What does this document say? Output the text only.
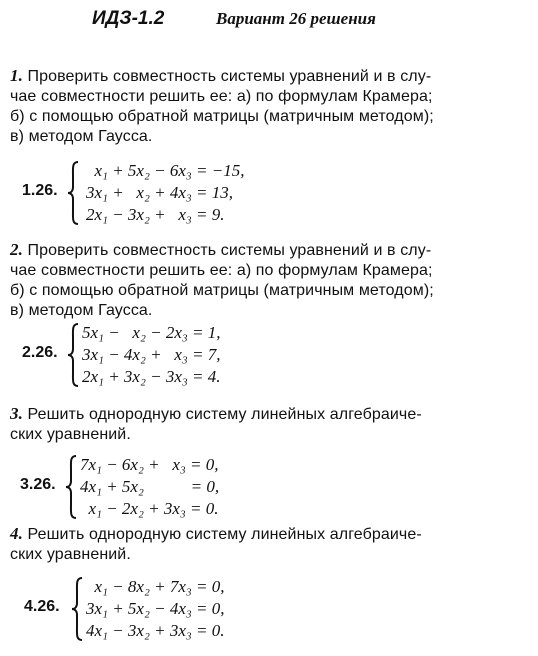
ИДЗ-1.2	Вариант 26 решения
1. Проверить совместность системы уравнений и в слу-
чае совместности решить ее: а) по формулам Крамера;
б) с помощью обратной матрицы (матричным методом);
в) методом Гаусса.
1.26.
x₁ + 5x₂ − 6x₃ = −15,
3x₁ +   x₂ + 4x₃ = 13,
2x₁ − 3x₂ +   x₃ = 9.
2. Проверить совместность системы уравнений и в слу-
чае совместности решить ее: а) по формулам Крамера;
б) с помощью обратной матрицы (матричным методом);
в) методом Гаусса.
2.26.
5x₁ −   x₂ − 2x₃ = 1,
3x₁ − 4x₂ +   x₃ = 7,
2x₁ + 3x₂ − 3x₃ = 4.
3. Решить однородную систему линейных алгебраиче-
ских уравнений.
3.26.
7x₁ − 6x₂ +   x₃ = 0,
4x₁ + 5x₂           = 0,
x₁ − 2x₂ + 3x₃ = 0.
4. Решить однородную систему линейных алгебраиче-
ских уравнений.
4.26.
x₁ − 8x₂ + 7x₃ = 0,
3x₁ + 5x₂ − 4x₃ = 0,
4x₁ − 3x₂ + 3x₃ = 0.
